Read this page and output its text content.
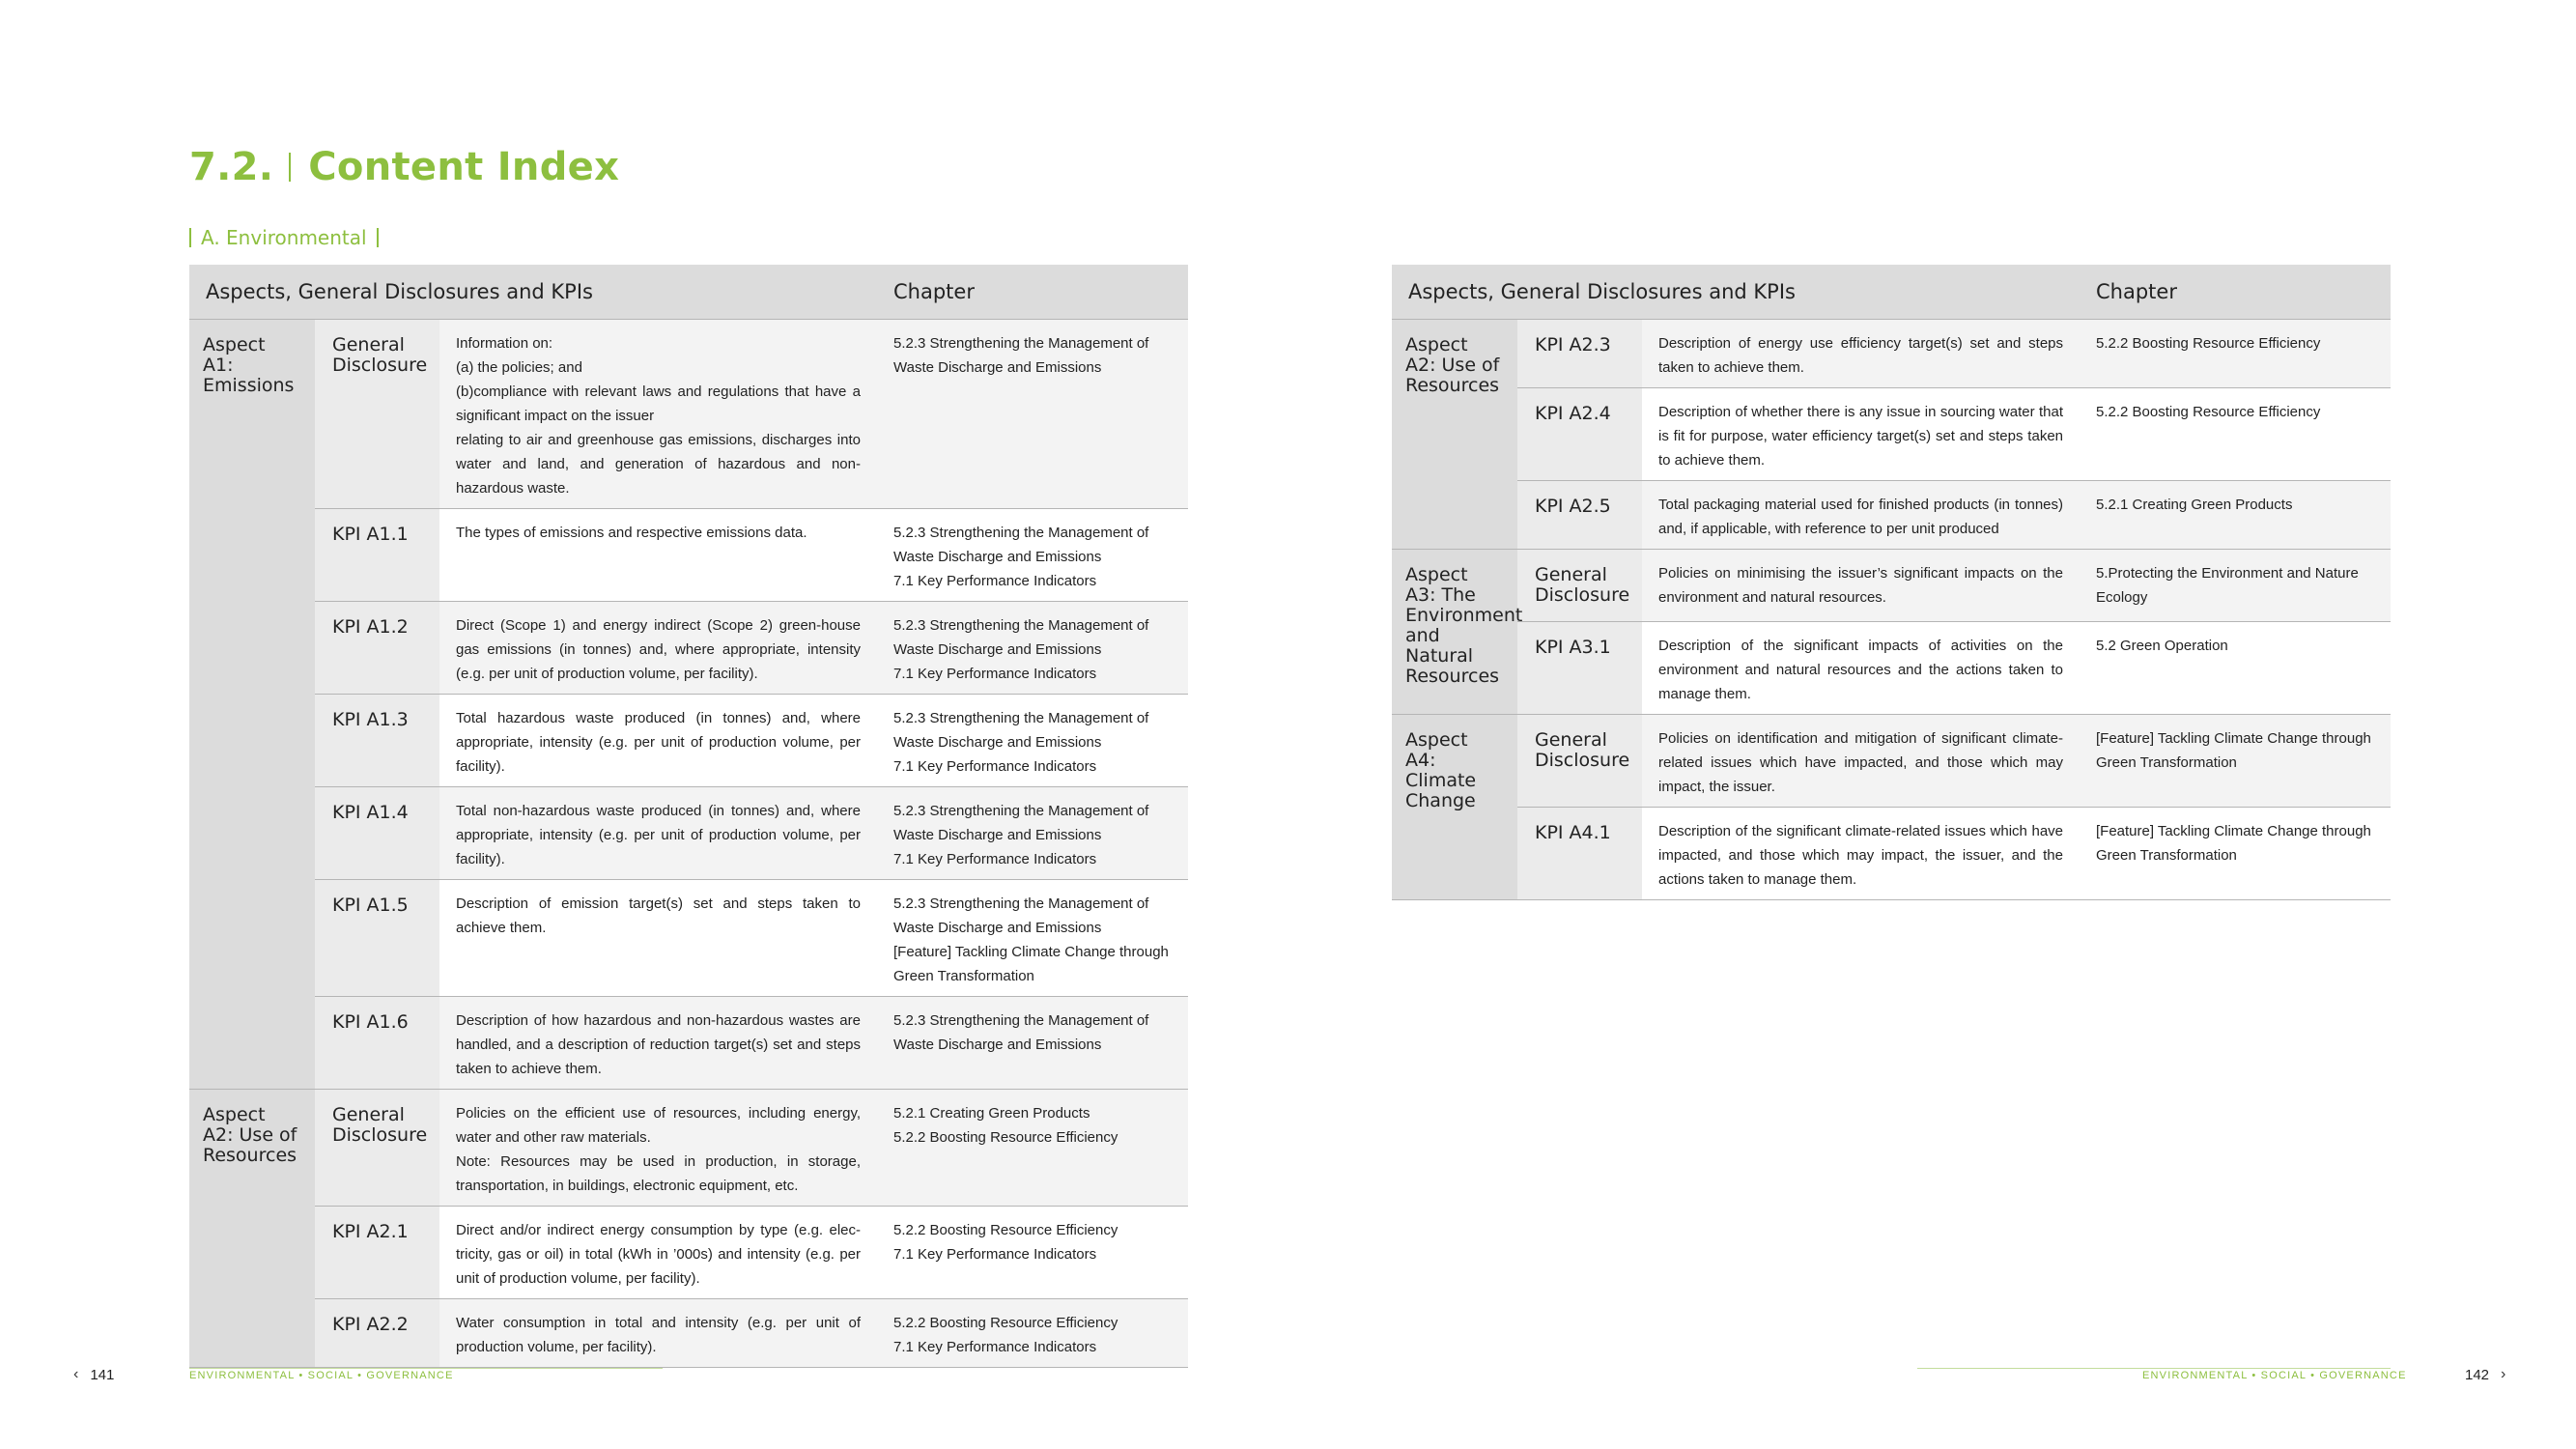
7.2. Content Index
A. Environmental
Aspects, General Disclosures and KPIs			Chapter
Aspect A1: Emissions	General Disclosure	Information on:
(a) the policies; and
(b)compliance with relevant laws and regulations that have a significant impact on the issuer
relating to air and greenhouse gas emissions, discharges into water and land, and generation of hazardous and non-hazardous waste.	5.2.3 Strengthening the Management of Waste Discharge and Emissions

	KPI A1.1	The types of emissions and respective emissions data.	5.2.3 Strengthening the Management of Waste Discharge and Emissions
7.1 Key Performance Indicators

	KPI A1.2	Direct (Scope 1) and energy indirect (Scope 2) green-house gas emissions (in tonnes) and, where appropriate, intensity (e.g. per unit of production volume, per facility).	5.2.3 Strengthening the Management of Waste Discharge and Emissions
7.1 Key Performance Indicators

	KPI A1.3	Total hazardous waste produced (in tonnes) and, where appropriate, intensity (e.g. per unit of production volume, per facility).	5.2.3 Strengthening the Management of Waste Discharge and Emissions
7.1 Key Performance Indicators

	KPI A1.4	Total non-hazardous waste produced (in tonnes) and, where appropriate, intensity (e.g. per unit of production volume, per facility).	5.2.3 Strengthening the Management of Waste Discharge and Emissions
7.1 Key Performance Indicators

	KPI A1.5	Description of emission target(s) set and steps taken to achieve them.	5.2.3 Strengthening the Management of Waste Discharge and Emissions
[Feature] Tackling Climate Change through Green Transformation

	KPI A1.6	Description of how hazardous and non-hazardous wastes are handled, and a description of reduction target(s) set and steps taken to achieve them.	5.2.3 Strengthening the Management of Waste Discharge and Emissions

Aspect A2: Use of Resources	General Disclosure	Policies on the efficient use of resources, including energy, water and other raw materials.
Note: Resources may be used in production, in storage, transportation, in buildings, electronic equipment, etc.	5.2.1 Creating Green Products
5.2.2 Boosting Resource Efficiency

	KPI A2.1	Direct and/or indirect energy consumption by type (e.g. elec-tricity, gas or oil) in total (kWh in ’000s) and intensity (e.g. per unit of production volume, per facility).	5.2.2 Boosting Resource Efficiency
7.1 Key Performance Indicators

	KPI A2.2	Water consumption in total and intensity (e.g. per unit of production volume, per facility).	5.2.2 Boosting Resource Efficiency
7.1 Key Performance Indicators
Aspects, General Disclosures and KPIs			Chapter
Aspect A2: Use of Resources	KPI A2.3	Description of energy use efficiency target(s) set and steps taken to achieve them.	5.2.2 Boosting Resource Efficiency

	KPI A2.4	Description of whether there is any issue in sourcing water that is fit for purpose, water efficiency target(s) set and steps taken to achieve them.	5.2.2 Boosting Resource Efficiency

	KPI A2.5	Total packaging material used for finished products (in tonnes) and, if applicable, with reference to per unit produced	5.2.1 Creating Green Products

Aspect A3: The Environment and Natural Resources	General Disclosure	Policies on minimising the issuer’s significant impacts on the environment and natural resources.	5.Protecting the Environment and Nature Ecology

	KPI A3.1	Description of the significant impacts of activities on the environment and natural resources and the actions taken to manage them.	5.2 Green Operation

Aspect A4: Climate Change	General Disclosure	Policies on identification and mitigation of significant climate-related issues which have impacted, and those which may impact, the issuer.	[Feature] Tackling Climate Change through Green Transformation

	KPI A4.1	Description of the significant climate-related issues which have impacted, and those which may impact, the issuer, and the actions taken to manage them.	[Feature] Tackling Climate Change through Green Transformation
‹ 141	ENVIRONMENTAL • SOCIAL • GOVERNANCE	ENVIRONMENTAL • SOCIAL • GOVERNANCE	142 ›
